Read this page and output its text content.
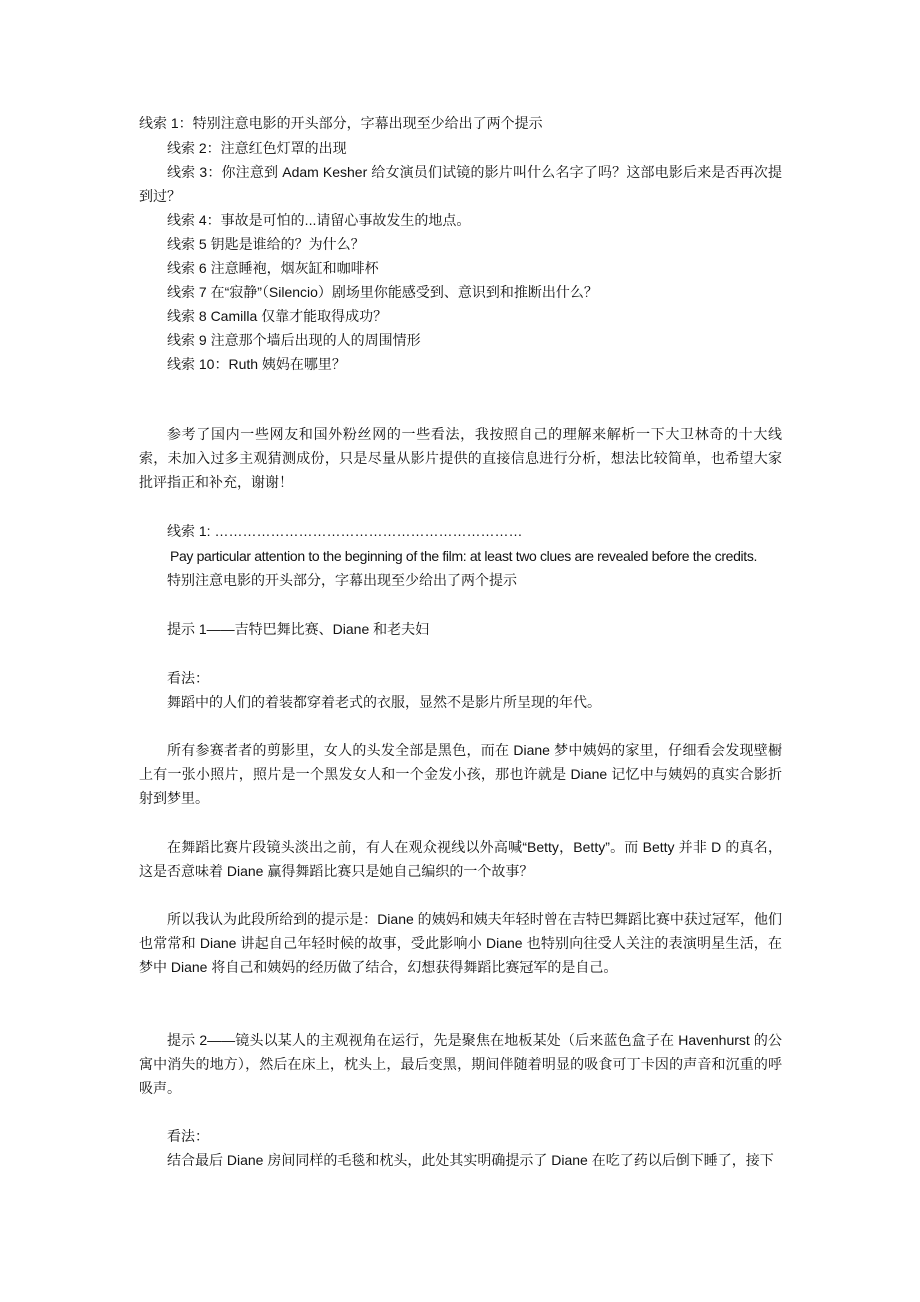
线索 1：特别注意电影的开头部分，字幕出现至少给出了两个提示
线索 2：注意红色灯罩的出现
线索 3：你注意到 Adam Kesher 给女演员们试镜的影片叫什么名字了吗？这部电影后来是否再次提到过？
线索 4：事故是可怕的...请留心事故发生的地点。
线索 5 钥匙是谁给的？为什么？
线索 6 注意睡袍，烟灰缸和咖啡杯
线索 7 在“寂静”（Silencio）剧场里你能感受到、意识到和推断出什么？
线索 8 Camilla 仅靠才能取得成功？
线索 9 注意那个墙后出现的人的周围情形
线索 10：Ruth 姨妈在哪里？
参考了国内一些网友和国外粉丝网的一些看法，我按照自己的理解来解析一下大卫林奇的十大线索，未加入过多主观猜测成份，只是尽量从影片提供的直接信息进行分析，想法比较简单，也希望大家批评指正和补充，谢谢！
线索 1: …………………………………………………………
Pay particular attention to the beginning of the film: at least two clues are revealed before the credits.
特别注意电影的开头部分，字幕出现至少给出了两个提示
提示 1——吉特巴舞比赛、Diane 和老夫妇
看法：
舞蹈中的人们的着装都穿着老式的衣服，显然不是影片所呈现的年代。
所有参赛者者的剪影里，女人的头发全部是黑色，而在 Diane 梦中姨妈的家里，仔细看会发现壁橱上有一张小照片，照片是一个黑发女人和一个金发小孩，那也许就是 Diane 记忆中与姨妈的真实合影折射到梦里。
在舞蹈比赛片段镜头淡出之前，有人在观众视线以外高喊“Betty，Betty”。而 Betty 并非 D 的真名，这是否意味着 Diane 赢得舞蹈比赛只是她自己编织的一个故事？
所以我认为此段所给到的提示是：Diane 的姨妈和姨夫年轻时曾在吉特巴舞蹈比赛中获过冠军，他们也常常和 Diane 讲起自己年轻时候的故事，受此影响小 Diane 也特别向往受人关注的表演明星生活，在梦中 Diane 将自己和姨妈的经历做了结合，幻想获得舞蹈比赛冠军的是自己。
提示 2——镜头以某人的主观视角在运行，先是聚焦在地板某处（后来蓝色盒子在 Havenhurst 的公寓中消失的地方），然后在床上，枕头上，最后变黑，期间伴随着明显的吸食可丁卡因的声音和沉重的呼吸声。
看法：
结合最后 Diane 房间同样的毛毯和枕头，此处其实明确提示了 Diane 在吃了药以后倒下睡了，接下
